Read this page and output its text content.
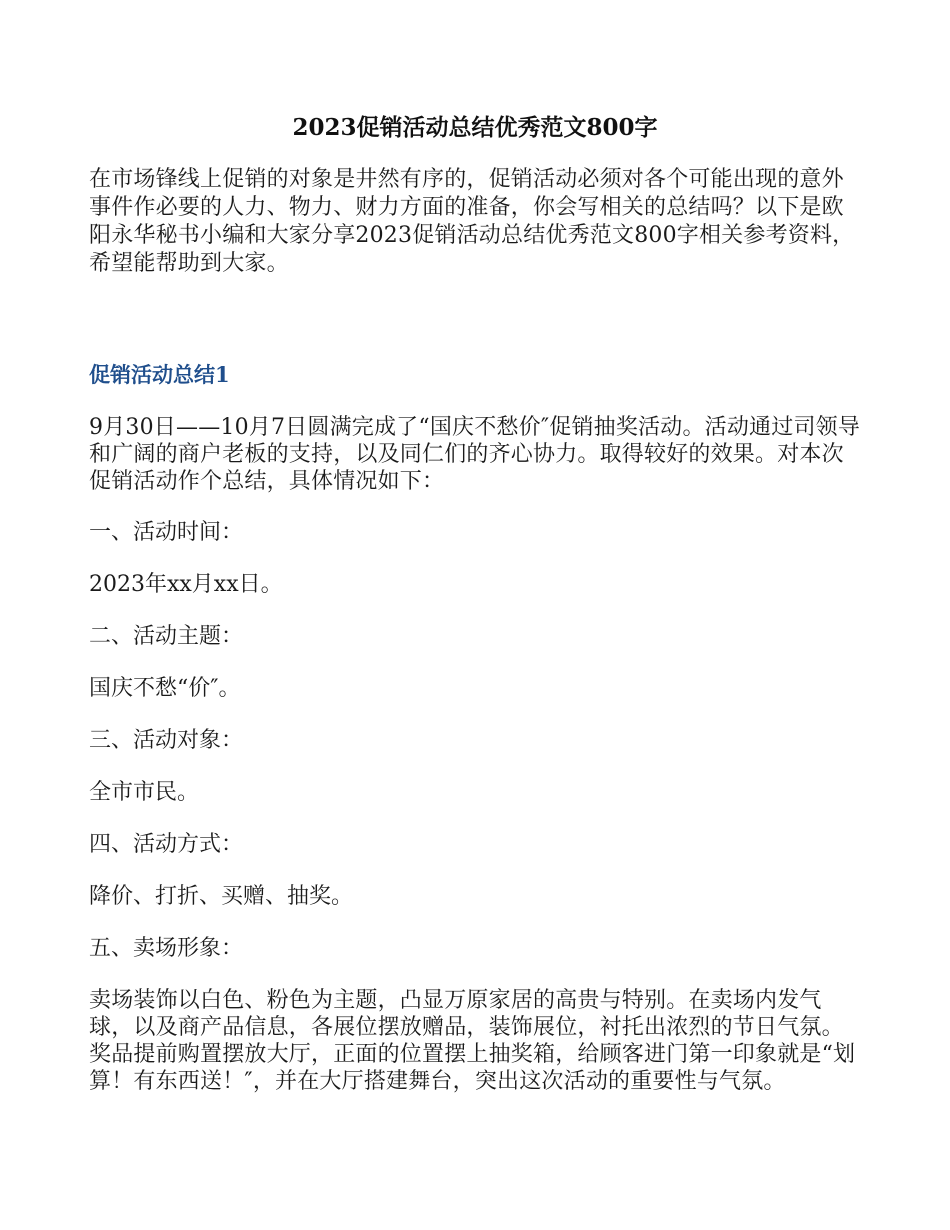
2023促销活动总结优秀范文800字

在市场锋线上促销的对象是井然有序的，促销活动必须对各个可能出现的意外事件作必要的人力、物力、财力方面的准备，你会写相关的总结吗？以下是欧阳永华秘书小编和大家分享2023促销活动总结优秀范文800字相关参考资料，希望能帮助到大家。

促销活动总结1

9月30日——10月7日圆满完成了“国庆不愁价″促销抽奖活动。活动通过司领导和广阔的商户老板的支持，以及同仁们的齐心协力。取得较好的效果。对本次促销活动作个总结，具体情况如下：

一、活动时间：

2023年xx月xx日。

二、活动主题：

国庆不愁“价″。

三、活动对象：

全市市民。

四、活动方式：

降价、打折、买赠、抽奖。

五、卖场形象：

卖场装饰以白色、粉色为主题，凸显万原家居的高贵与特别。在卖场内发气球，以及商产品信息，各展位摆放赠品，装饰展位，衬托出浓烈的节日气氛。奖品提前购置摆放大厅，正面的位置摆上抽奖箱，给顾客进门第一印象就是“划算！有东西送！″，并在大厅搭建舞台，突出这次活动的重要性与气氛。
